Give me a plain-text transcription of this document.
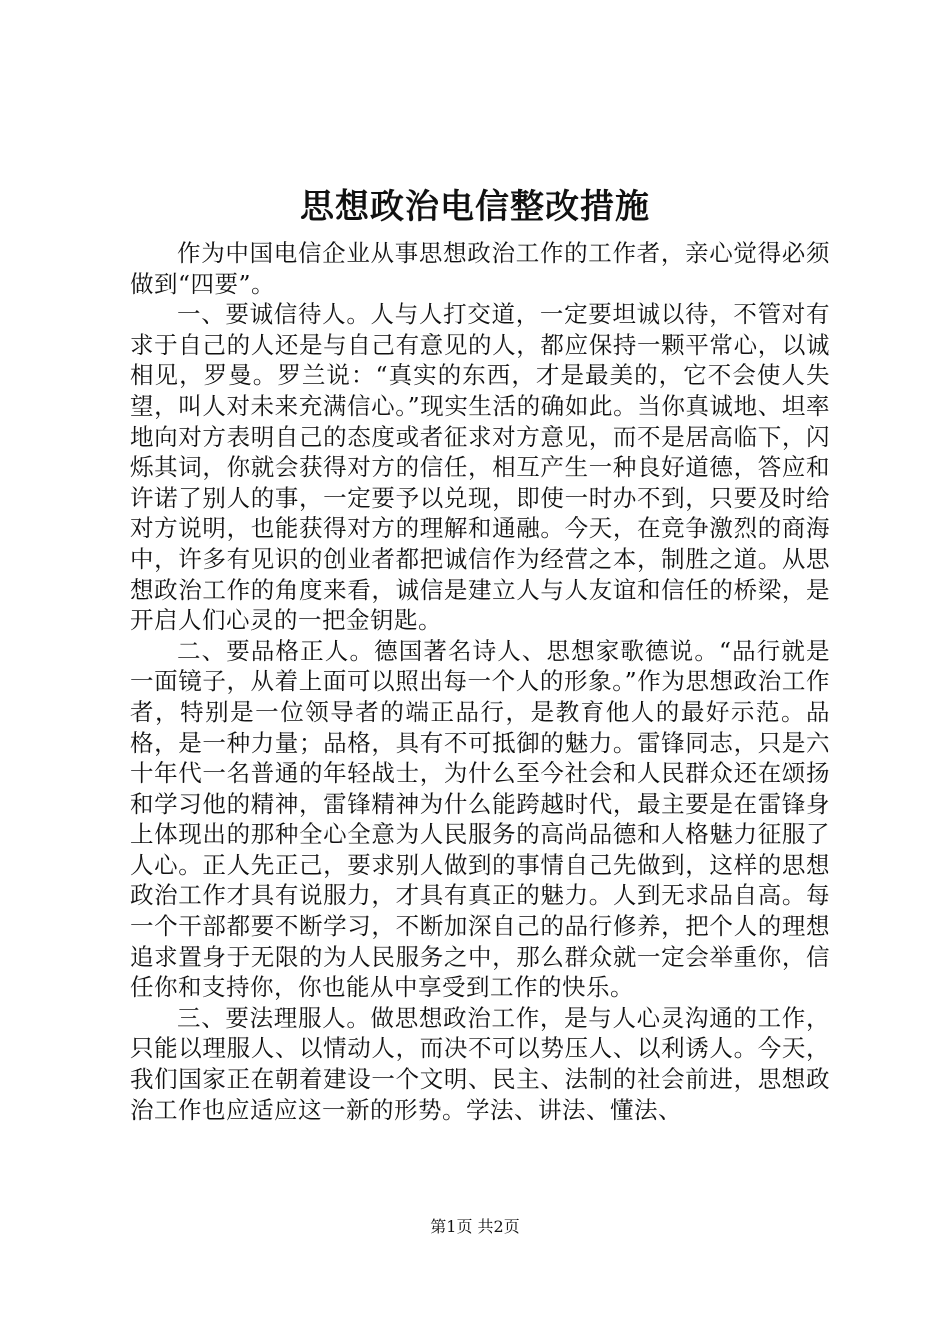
思想政治电信整改措施

作为中国电信企业从事思想政治工作的工作者，亲心觉得必须做到“四要”。

一、要诚信待人。人与人打交道，一定要坦诚以待，不管对有求于自己的人还是与自己有意见的人，都应保持一颗平常心，以诚相见，罗曼。罗兰说：“真实的东西，才是最美的，它不会使人失望，叫人对未来充满信心。”现实生活的确如此。当你真诚地、坦率地向对方表明自己的态度或者征求对方意见，而不是居高临下，闪烁其词，你就会获得对方的信任，相互产生一种良好道德，答应和许诺了别人的事，一定要予以兑现，即使一时办不到，只要及时给对方说明，也能获得对方的理解和通融。今天，在竞争激烈的商海中，许多有见识的创业者都把诚信作为经营之本，制胜之道。从思想政治工作的角度来看，诚信是建立人与人友谊和信任的桥梁，是开启人们心灵的一把金钥匙。

二、要品格正人。德国著名诗人、思想家歌德说。“品行就是一面镜子，从着上面可以照出每一个人的形象。”作为思想政治工作者，特别是一位领导者的端正品行，是教育他人的最好示范。品格，是一种力量；品格，具有不可抵御的魅力。雷锋同志，只是六十年代一名普通的年轻战士，为什么至今社会和人民群众还在颂扬和学习他的精神，雷锋精神为什么能跨越时代，最主要是在雷锋身上体现出的那种全心全意为人民服务的高尚品德和人格魅力征服了人心。正人先正己，要求别人做到的事情自己先做到，这样的思想政治工作才具有说服力，才具有真正的魅力。人到无求品自高。每一个干部都要不断学习，不断加深自己的品行修养，把个人的理想追求置身于无限的为人民服务之中，那么群众就一定会举重你，信任你和支持你，你也能从中享受到工作的快乐。

三、要法理服人。做思想政治工作，是与人心灵沟通的工作，只能以理服人、以情动人，而决不可以势压人、以利诱人。今天，我们国家正在朝着建设一个文明、民主、法制的社会前进，思想政治工作也应适应这一新的形势。学法、讲法、懂法、

第1页 共2页
